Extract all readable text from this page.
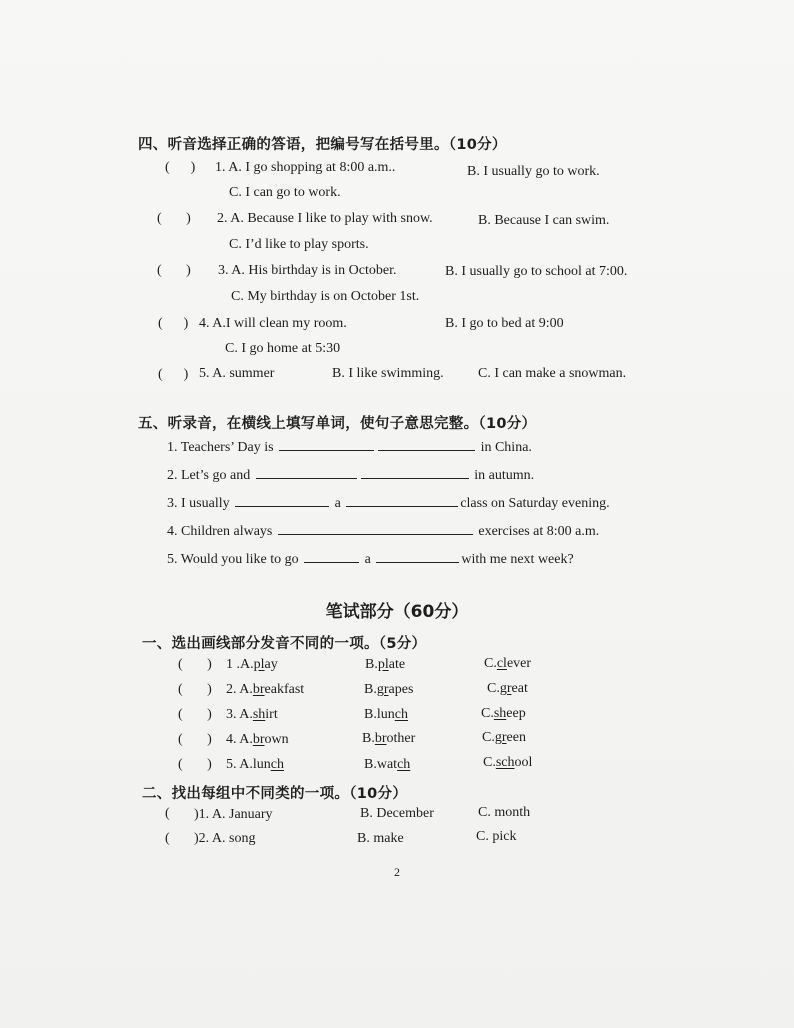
四、听音选择正确的答语，把编号写在括号里。（10分）
(      ) 1. A. I go shopping at 8:00 a.m..	B. I usually go to work.
C. I can go to work.
(       ) 2. A. Because I like to play with snow.	B. Because I can swim.
C. I’d like to play sports.
(       ) 3. A. His birthday is in October.	B. I usually go to school at 7:00.
C. My birthday is on October 1st.
(      ) 4. A.I will clean my room.	B. I go to bed at 9:00
C. I go home at 5:30
(      ) 5. A. summer	B. I like swimming. C. I can make a snowman.
五、听录音，在横线上填写单词，使句子意思完整。（10分）
1. Teachers’ Day is	in China.
2. Let’s go and	in autumn.
3. I usually	a	class on Saturday evening.
4. Children always	exercises at 8:00 a.m.
5. Would you like to go	a	with me next week?
笔试部分（60分）
一、选出画线部分发音不同的一项。（5分）
(       ) 1 .A.play	B.plate	C.clever
(       ) 2. A.breakfast	B.grapes	C.great
(       ) 3. A.shirt	B.lunch	C.sheep
(       ) 4. A.brown	B.brother	C.green
(       ) 5. A.lunch	B.watch	C.school
二、找出每组中不同类的一项。（10分）
( )1. A. January	B. December	C. month
( )2. A. song	B. make	C. pick
2
